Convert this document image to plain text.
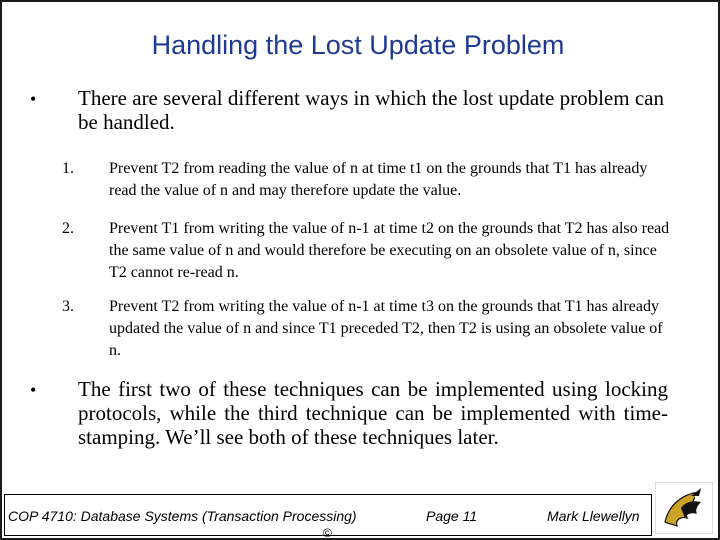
Handling the Lost Update Problem
• There are several different ways in which the lost update problem can be handled.

1. Prevent T2 from reading the value of n at time t1 on the grounds that T1 has already read the value of n and may therefore update the value.

2. Prevent T1 from writing the value of n-1 at time t2 on the grounds that T2 has also read the same value of n and would therefore be executing on an obsolete value of n, since T2 cannot re-read n.

3. Prevent T2 from writing the value of n-1 at time t3 on the grounds that T1 has already updated the value of n and since T1 preceded T2, then T2 is using an obsolete value of n.

• The first two of these techniques can be implemented using locking protocols, while the third technique can be implemented with time-stamping. We’ll see both of these techniques later.

COP 4710: Database Systems (Transaction Processing)	Page 11	Mark Llewellyn
©
